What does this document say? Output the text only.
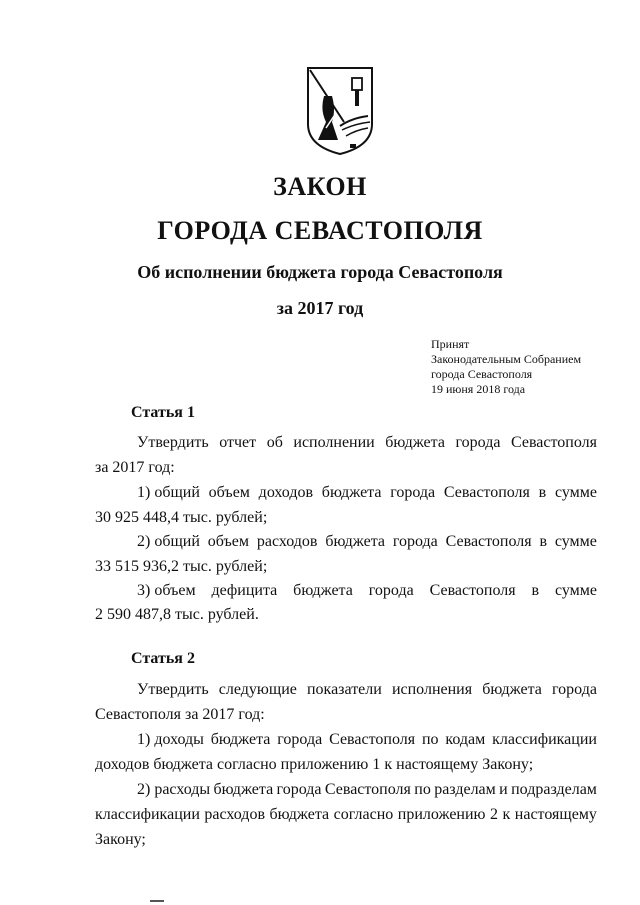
ЗАКОН
ГОРОДА СЕВАСТОПОЛЯ
Об исполнении бюджета города Севастополя
за 2017 год
Принят
Законодательным Собранием
города Севастополя
19 июня 2018 года
Статья 1
Утвердить отчет об исполнении бюджета города Севастополя
за 2017 год:
1) общий объем доходов бюджета города Севастополя в сумме
30 925 448,4 тыс. рублей;
2) общий объем расходов бюджета города Севастополя в сумме
33 515 936,2 тыс. рублей;
3) объем дефицита бюджета города Севастополя в сумме
2 590 487,8 тыс. рублей.
Статья 2
Утвердить следующие показатели исполнения бюджета города
Севастополя за 2017 год:
1) доходы бюджета города Севастополя по кодам классификации
доходов бюджета согласно приложению 1 к настоящему Закону;
2) расходы бюджета города Севастополя по разделам и подразделам
классификации расходов бюджета согласно приложению 2 к настоящему
Закону;
